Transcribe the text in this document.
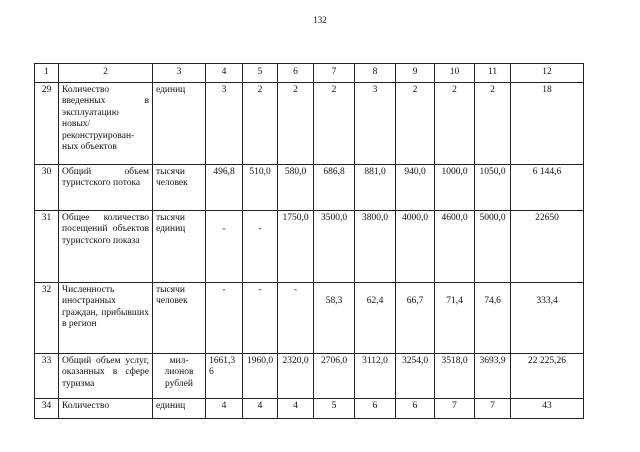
132
1	2	3	4	5	6	7	8	9	10	11	12
29	Количество введенных в эксплуатацию новых/ реконструирован-ных объектов	единиц	3	2	2	2	3	2	2	2	18
30	Общий объем туристского потока	тысячи человек	496,8	510,0	580,0	686,8	881,0	940,0	1000,0	1050,0	6 144,6
31	Общее количество посещений объектов туристского показа	тысячи единиц	-	-	1750,0	3500,0	3800,0	4000,0	4600,0	5000,0	22650
32	Численность иностранных граждан, прибывших в регион	тысячи человек	-	-	-	58,3	62,4	66,7	71,4	74,6	333,4
33	Общий объем услуг, оказанных в сфере туризма	мил-лионов рублей	1661,3 6	1960,0	2320,0	2706,0	3112,0	3254,0	3518,0	3693,9	22 225,26
34	Количество	единиц	4	4	4	5	6	6	7	7	43
